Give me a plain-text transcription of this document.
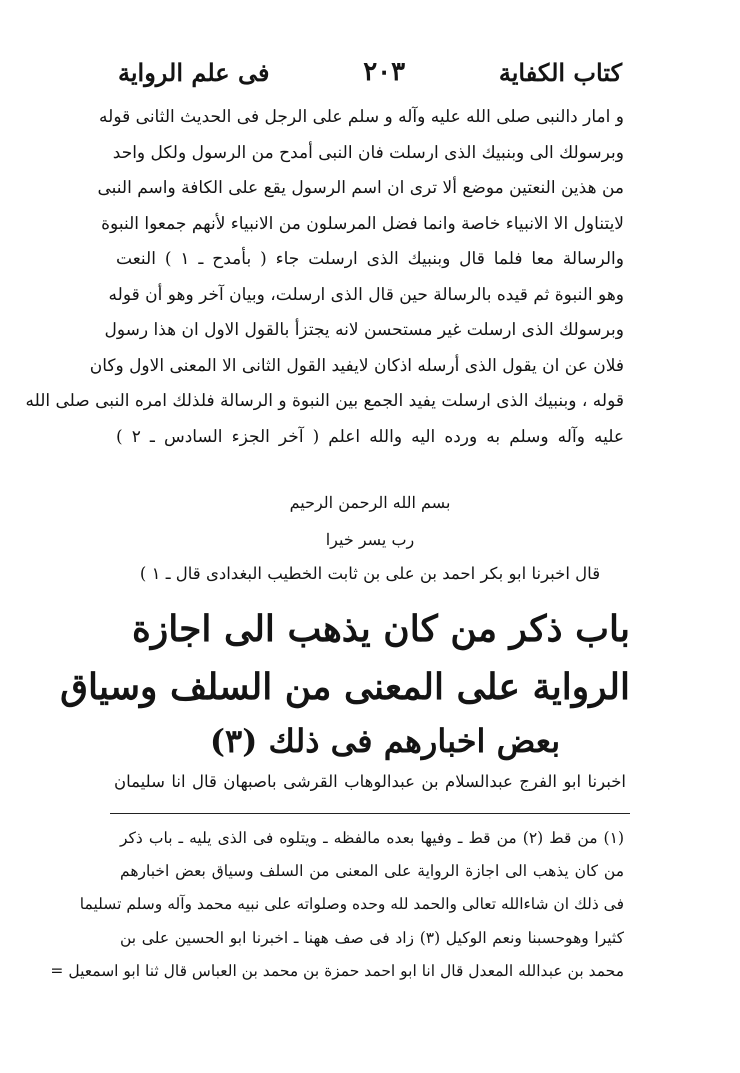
كتاب الكفاية
٢٠٣
فى علم الرواية
و امار دالنبى صلى الله عليه وآله و سلم على الرجل فى الحديث الثانى قوله
وبرسولك الى وبنبيك الذى ارسلت فان النبى أمدح من الرسول ولكل واحد
من هذين النعتين موضع ألا ترى ان اسم الرسول يقع على الكافة واسم النبى
لايتناول الا الانبياء خاصة وانما فضل المرسلون من الانبياء لأنهم جمعوا النبوة
والرسالة معا فلما قال وبنبيك الذى ارسلت جاء ( بأمدح ـ ١ ) النعت
وهو النبوة ثم قيده بالرسالة حين قال الذى ارسلت، وبيان آخر وهو أن قوله
وبرسولك الذى ارسلت غير مستحسن لانه يجتزأ بالقول الاول ان هذا رسول
فلان عن ان يقول الذى أرسله اذكان لايفيد القول الثانى الا المعنى الاول وكان
قوله ، وبنبيك الذى ارسلت يفيد الجمع بين النبوة و الرسالة فلذلك امره النبى صلى الله
عليه وآله وسلم به ورده اليه والله اعلم ( آخر الجزء السادس ـ ٢ )
بسم الله الرحمن الرحيم
رب يسر خيرا
قال اخبرنا ابو بكر احمد بن على بن ثابت الخطيب البغدادى قال ـ ١ )
باب ذكر من كان يذهب الى اجازة
الرواية على المعنى من السلف وسياق
بعض اخبارهم فى ذلك (٣)
اخبرنا ابو الفرج عبدالسلام بن عبدالوهاب القرشى باصبهان قال انا سليمان
(١) من قط (٢) من قط ـ وفيها بعده مالفظه ـ ويتلوه فى الذى يليه ـ باب ذكر
من كان يذهب الى اجازة الرواية على المعنى من السلف وسياق بعض اخبارهم
فى ذلك ان شاءالله تعالى والحمد لله وحده وصلواته على نبيه محمد وآله وسلم تسليما
كثيرا وهوحسبنا ونعم الوكيل (٣) زاد فى صف ههنا ـ اخبرنا ابو الحسين على بن
محمد بن عبدالله المعدل قال انا ابو احمد حمزة بن محمد بن العباس قال ثنا ابو اسمعيل =
